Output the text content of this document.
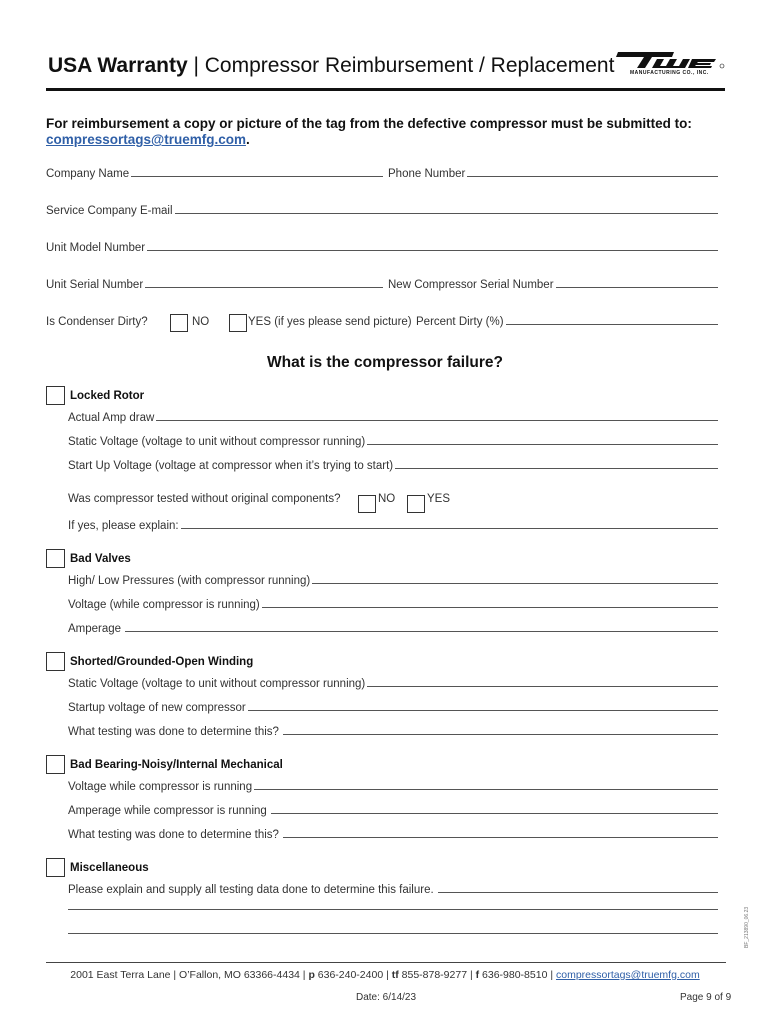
USA Warranty | Compressor Reimbursement / Replacement	MANUFACTURING CO., INC.
For reimbursement a copy or picture of the tag from the defective compressor must be submitted to:
compressortags@truemfg.com.
Company Name	Phone Number
Service Company E-mail
Unit Model Number
Unit Serial Number	New Compressor Serial Number
Is Condenser Dirty?	NO	YES (if yes please send picture) Percent Dirty (%)
What is the compressor failure?
Locked Rotor
Actual Amp draw
Static Voltage (voltage to unit without compressor running)
Start Up Voltage (voltage at compressor when it’s trying to start)
Was compressor tested without original components?	NO	YES
If yes, please explain:
Bad Valves
High/ Low Pressures (with compressor running)
Voltage (while compressor is running)
Amperage
Shorted/Grounded-Open Winding
Static Voltage (voltage to unit without compressor running)
Startup voltage of new compressor
What testing was done to determine this?
Bad Bearing-Noisy/Internal Mechanical
Voltage while compressor is running
Amperage while compressor is running
What testing was done to determine this?
Miscellaneous
Please explain and supply all testing data done to determine this failure.
2001 East Terra Lane | O’Fallon, MO 63366-4434 | p 636-240-2400 | tf 855-878-9277 | f 636-980-8510 | compressortags@truemfg.com
Date: 6/14/23	Page 9 of 9
BF_213890_06.23
